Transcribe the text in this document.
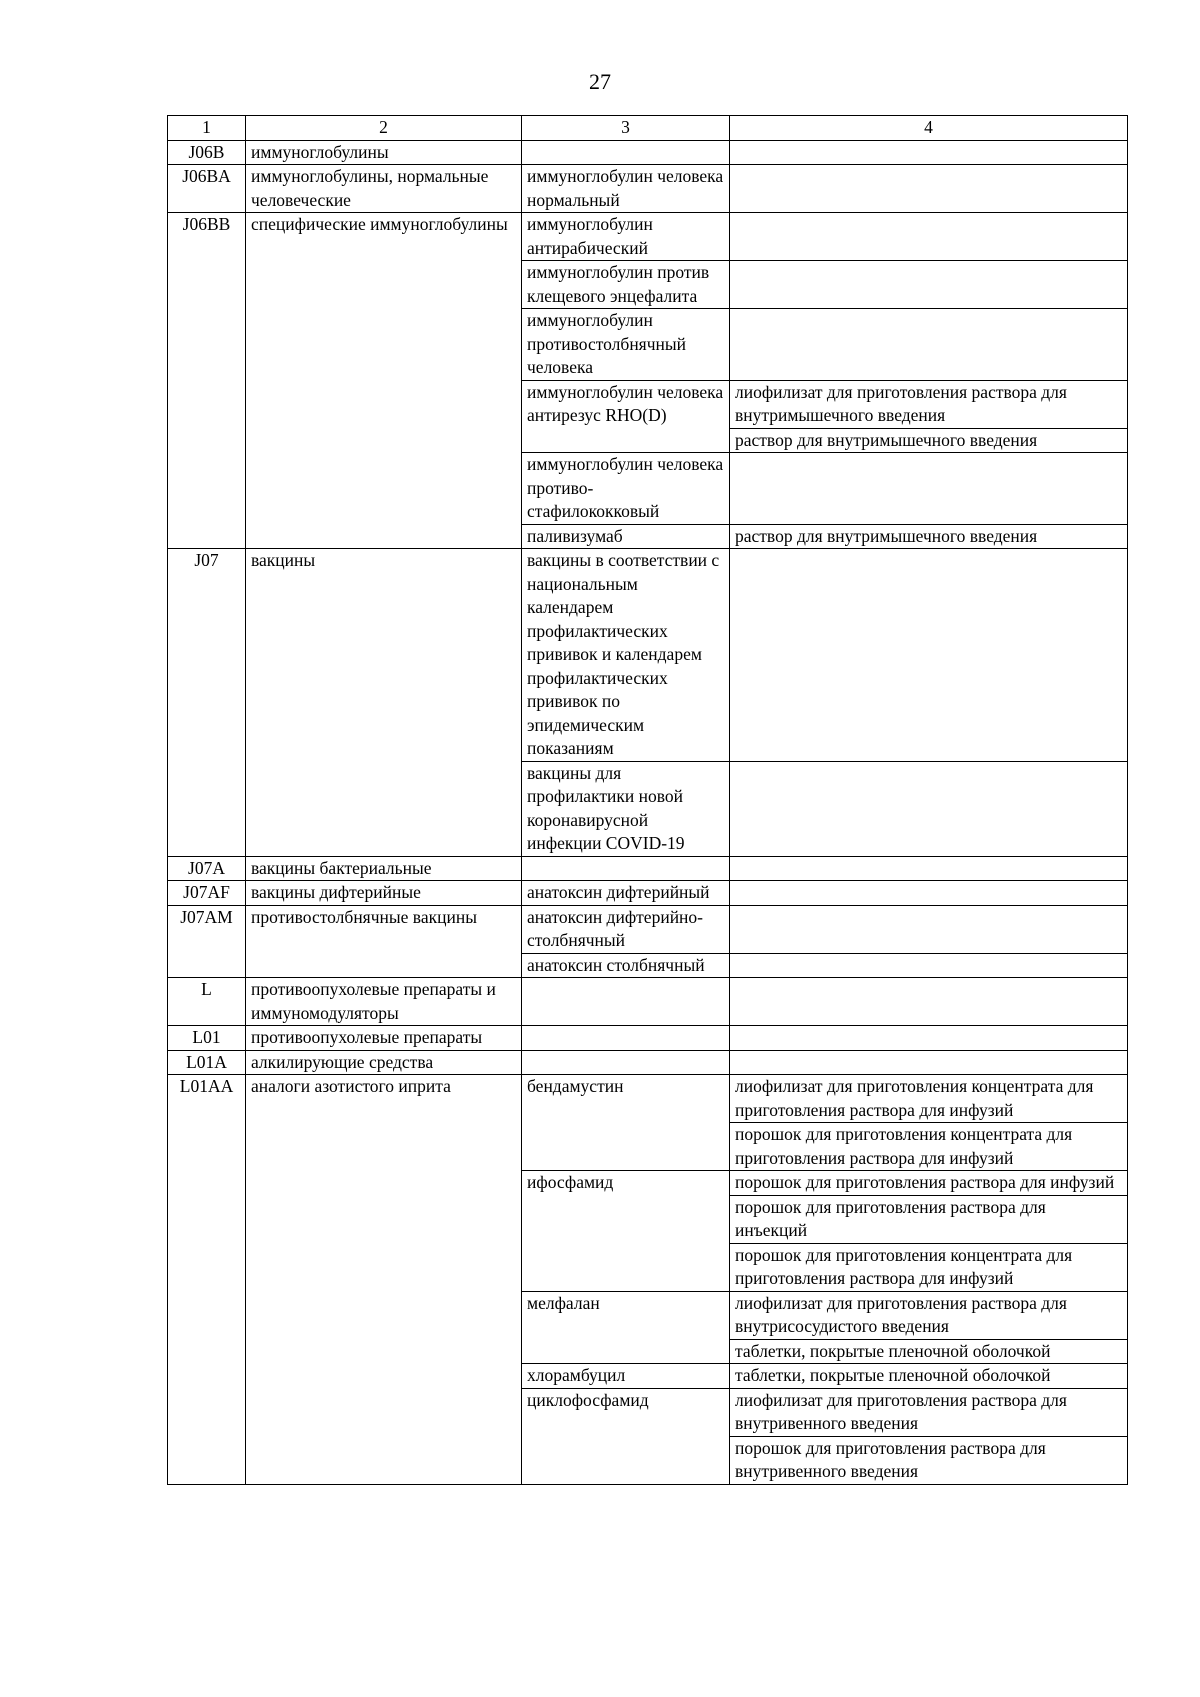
27
1	2	3	4
J06B	иммуноглобулины		
J06BA	иммуноглобулины, нормальные человеческие	иммуноглобулин человека нормальный	
J06BB	специфические иммуноглобулины	иммуноглобулин антирабический	
		иммуноглобулин против клещевого энцефалита	
		иммуноглобулин противостолбнячный человека	
		иммуноглобулин человека антирезус RHO(D)	лиофилизат для приготовления раствора для внутримышечного введения
			раствор для внутримышечного введения
		иммуноглобулин человека противо-стафилококковый	
		паливизумаб	раствор для внутримышечного введения
J07	вакцины	вакцины в соответствии с национальным календарем профилактических прививок и календарем профилактических прививок по эпидемическим показаниям	
		вакцины для профилактики новой коронавирусной инфекции COVID-19	
J07A	вакцины бактериальные		
J07AF	вакцины дифтерийные	анатоксин дифтерийный	
J07AM	противостолбнячные вакцины	анатоксин дифтерийно-столбнячный	
		анатоксин столбнячный	
L	противоопухолевые препараты и иммуномодуляторы		
L01	противоопухолевые препараты		
L01A	алкилирующие средства		
L01AA	аналоги азотистого иприта	бендамустин	лиофилизат для приготовления концентрата для приготовления раствора для инфузий
			порошок для приготовления концентрата для приготовления раствора для инфузий
		ифосфамид	порошок для приготовления раствора для инфузий
			порошок для приготовления раствора для инъекций
			порошок для приготовления концентрата для приготовления раствора для инфузий
		мелфалан	лиофилизат для приготовления раствора для внутрисосудистого введения
			таблетки, покрытые пленочной оболочкой
		хлорамбуцил	таблетки, покрытые пленочной оболочкой
		циклофосфамид	лиофилизат для приготовления раствора для внутривенного введения
			порошок для приготовления раствора для внутривенного введения
